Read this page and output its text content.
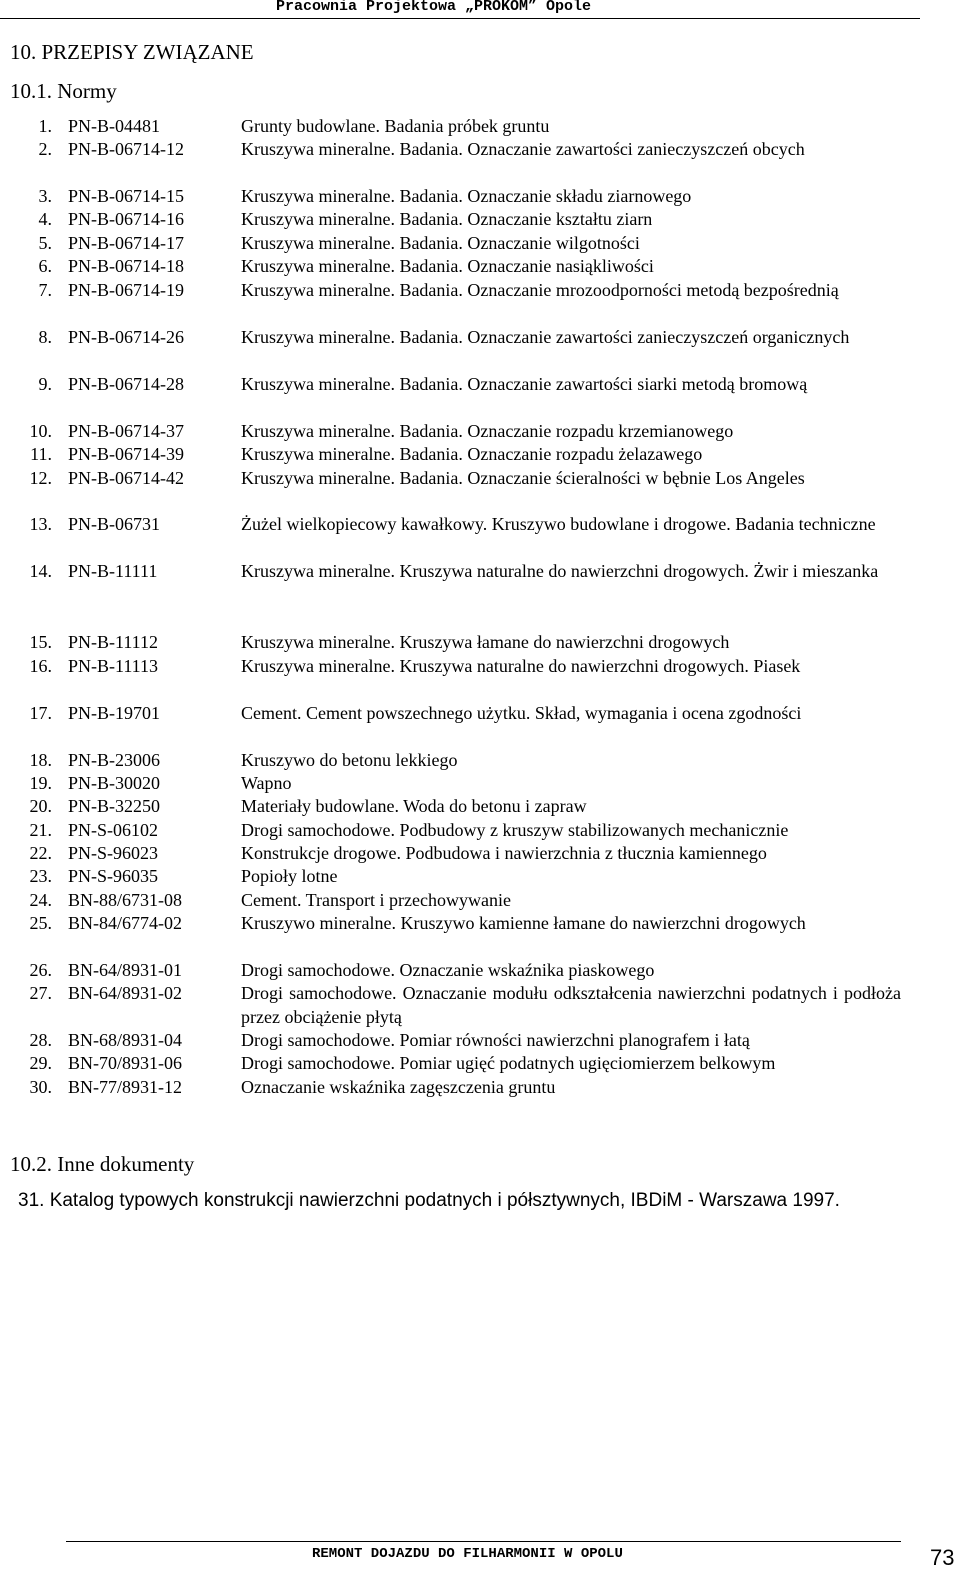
Pracownia Projektowa „PROKOM” Opole
10. PRZEPISY ZWIĄZANE
10.1. Normy
1. PN-B-04481	Grunty budowlane. Badania próbek gruntu
2. PN-B-06714-12	Kruszywa mineralne. Badania. Oznaczanie zawartości zanieczyszczeń obcych
3. PN-B-06714-15	Kruszywa mineralne. Badania. Oznaczanie składu ziarnowego
4. PN-B-06714-16	Kruszywa mineralne. Badania. Oznaczanie kształtu ziarn
5. PN-B-06714-17	Kruszywa mineralne. Badania. Oznaczanie wilgotności
6. PN-B-06714-18	Kruszywa mineralne. Badania. Oznaczanie nasiąkliwości
7. PN-B-06714-19	Kruszywa mineralne. Badania. Oznaczanie mrozoodporności metodą bezpośrednią
8. PN-B-06714-26	Kruszywa mineralne. Badania. Oznaczanie zawartości zanieczyszczeń organicznych
9. PN-B-06714-28	Kruszywa mineralne. Badania. Oznaczanie zawartości siarki metodą bromową
10. PN-B-06714-37	Kruszywa mineralne. Badania. Oznaczanie rozpadu krzemianowego
11. PN-B-06714-39	Kruszywa mineralne. Badania. Oznaczanie rozpadu żelazawego
12. PN-B-06714-42	Kruszywa mineralne. Badania. Oznaczanie ścieralności w bębnie Los Angeles
13. PN-B-06731	Żużel wielkopiecowy kawałkowy. Kruszywo budowlane i drogowe. Badania techniczne
14. PN-B-11111	Kruszywa mineralne. Kruszywa naturalne do nawierzchni drogowych. Żwir i mieszanka
15. PN-B-11112	Kruszywa mineralne. Kruszywa łamane do nawierzchni drogowych
16. PN-B-11113	Kruszywa mineralne. Kruszywa naturalne do nawierzchni drogowych. Piasek
17. PN-B-19701	Cement. Cement powszechnego użytku. Skład, wymagania i ocena zgodności
18. PN-B-23006	Kruszywo do betonu lekkiego
19. PN-B-30020	Wapno
20. PN-B-32250	Materiały budowlane. Woda do betonu i zapraw
21. PN-S-06102	Drogi samochodowe. Podbudowy z kruszyw stabilizowanych mechanicznie
22. PN-S-96023	Konstrukcje drogowe. Podbudowa i nawierzchnia z tłucznia kamiennego
23. PN-S-96035	Popioły lotne
24. BN-88/6731-08	Cement. Transport i przechowywanie
25. BN-84/6774-02	Kruszywo mineralne. Kruszywo kamienne łamane do nawierzchni drogowych
26. BN-64/8931-01	Drogi samochodowe. Oznaczanie wskaźnika piaskowego
27. BN-64/8931-02	Drogi samochodowe. Oznaczanie modułu odkształcenia nawierzchni podatnych i podłoża przez obciążenie płytą
28. BN-68/8931-04	Drogi samochodowe. Pomiar równości nawierzchni planografem i łatą
29. BN-70/8931-06	Drogi samochodowe. Pomiar ugięć podatnych ugięciomierzem belkowym
30. BN-77/8931-12	Oznaczanie wskaźnika zagęszczenia gruntu
10.2. Inne dokumenty
31. Katalog typowych konstrukcji nawierzchni podatnych i półsztywnych, IBDiM - Warszawa 1997.
REMONT DOJAZDU DO FILHARMONII W OPOLU	73
